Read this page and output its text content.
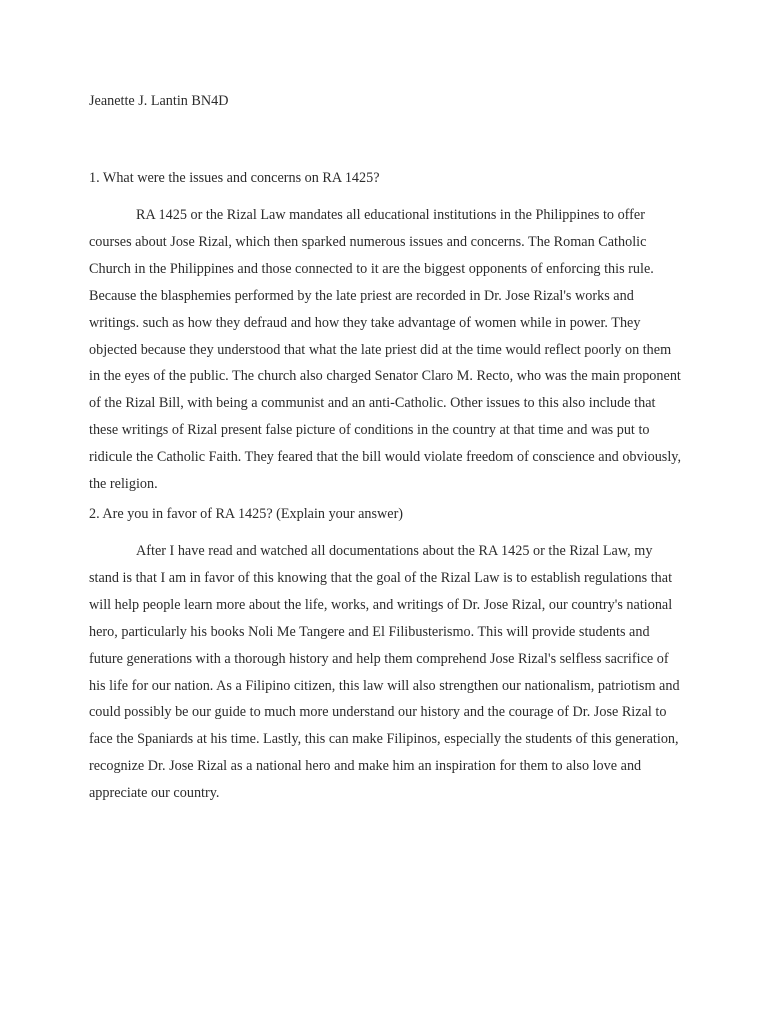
Jeanette J. Lantin BN4D

1. What were the issues and concerns on RA 1425?

RA 1425 or the Rizal Law mandates all educational institutions in the Philippines to offer courses about Jose Rizal, which then sparked numerous issues and concerns. The Roman Catholic Church in the Philippines and those connected to it are the biggest opponents of enforcing this rule. Because the blasphemies performed by the late priest are recorded in Dr. Jose Rizal's works and writings. such as how they defraud and how they take advantage of women while in power. They objected because they understood that what the late priest did at the time would reflect poorly on them in the eyes of the public. The church also charged Senator Claro M. Recto, who was the main proponent of the Rizal Bill, with being a communist and an anti-Catholic. Other issues to this also include that these writings of Rizal present false picture of conditions in the country at that time and was put to ridicule the Catholic Faith. They feared that the bill would violate freedom of conscience and obviously, the religion.

2. Are you in favor of RA 1425? (Explain your answer)

After I have read and watched all documentations about the RA 1425 or the Rizal Law, my stand is that I am in favor of this knowing that the goal of the Rizal Law is to establish regulations that will help people learn more about the life, works, and writings of Dr. Jose Rizal, our country's national hero, particularly his books Noli Me Tangere and El Filibusterismo. This will provide students and future generations with a thorough history and help them comprehend Jose Rizal's selfless sacrifice of his life for our nation. As a Filipino citizen, this law will also strengthen our nationalism, patriotism and could possibly be our guide to much more understand our history and the courage of Dr. Jose Rizal to face the Spaniards at his time. Lastly, this can make Filipinos, especially the students of this generation, recognize Dr. Jose Rizal as a national hero and make him an inspiration for them to also love and appreciate our country.
